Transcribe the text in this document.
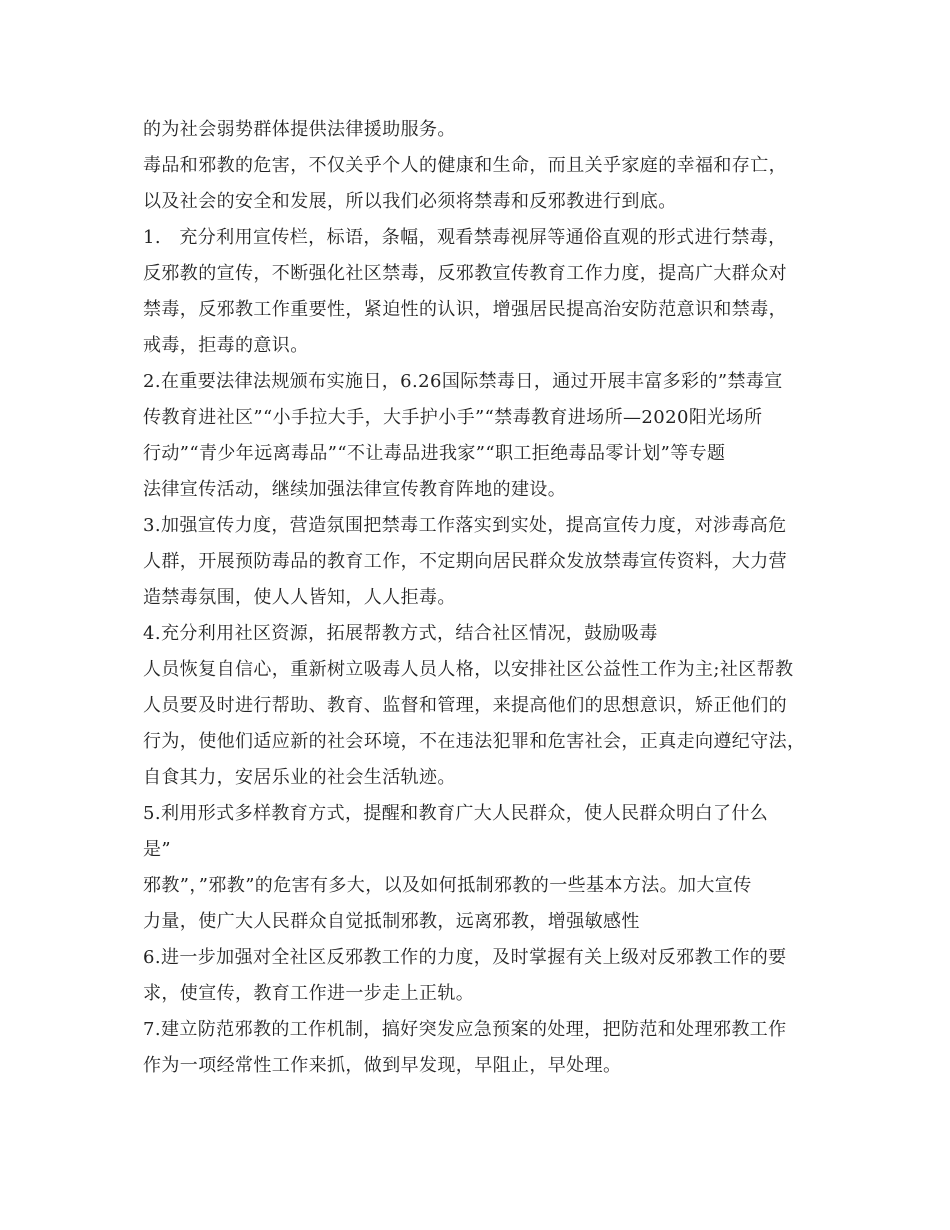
的为社会弱势群体提供法律援助服务。
毒品和邪教的危害，不仅关乎个人的健康和生命，而且关乎家庭的幸福和存亡，
以及社会的安全和发展，所以我们必须将禁毒和反邪教进行到底。
1.　充分利用宣传栏，标语，条幅，观看禁毒视屏等通俗直观的形式进行禁毒，
反邪教的宣传，不断强化社区禁毒，反邪教宣传教育工作力度，提高广大群众对
禁毒，反邪教工作重要性，紧迫性的认识，增强居民提高治安防范意识和禁毒，
戒毒，拒毒的意识。
2.在重要法律法规颁布实施日，6.26国际禁毒日，通过开展丰富多彩的”禁毒宣
传教育进社区”“小手拉大手，大手护小手”“禁毒教育进场所—2020阳光场所
行动”“青少年远离毒品”“不让毒品进我家”“职工拒绝毒品零计划”等专题
法律宣传活动，继续加强法律宣传教育阵地的建设。
3.加强宣传力度，营造氛围把禁毒工作落实到实处，提高宣传力度，对涉毒高危
人群，开展预防毒品的教育工作，不定期向居民群众发放禁毒宣传资料，大力营
造禁毒氛围，使人人皆知，人人拒毒。
4.充分利用社区资源，拓展帮教方式，结合社区情况，鼓励吸毒
人员恢复自信心，重新树立吸毒人员人格，以安排社区公益性工作为主;社区帮教
人员要及时进行帮助、教育、监督和管理，来提高他们的思想意识，矫正他们的
行为，使他们适应新的社会环境，不在违法犯罪和危害社会，正真走向遵纪守法，
自食其力，安居乐业的社会生活轨迹。
5.利用形式多样教育方式，提醒和教育广大人民群众，使人民群众明白了什么
是”
邪教”，”邪教”的危害有多大，以及如何抵制邪教的一些基本方法。加大宣传
力量，使广大人民群众自觉抵制邪教，远离邪教，增强敏感性
6.进一步加强对全社区反邪教工作的力度，及时掌握有关上级对反邪教工作的要
求，使宣传，教育工作进一步走上正轨。
7.建立防范邪教的工作机制，搞好突发应急预案的处理，把防范和处理邪教工作
作为一项经常性工作来抓，做到早发现，早阻止，早处理。
